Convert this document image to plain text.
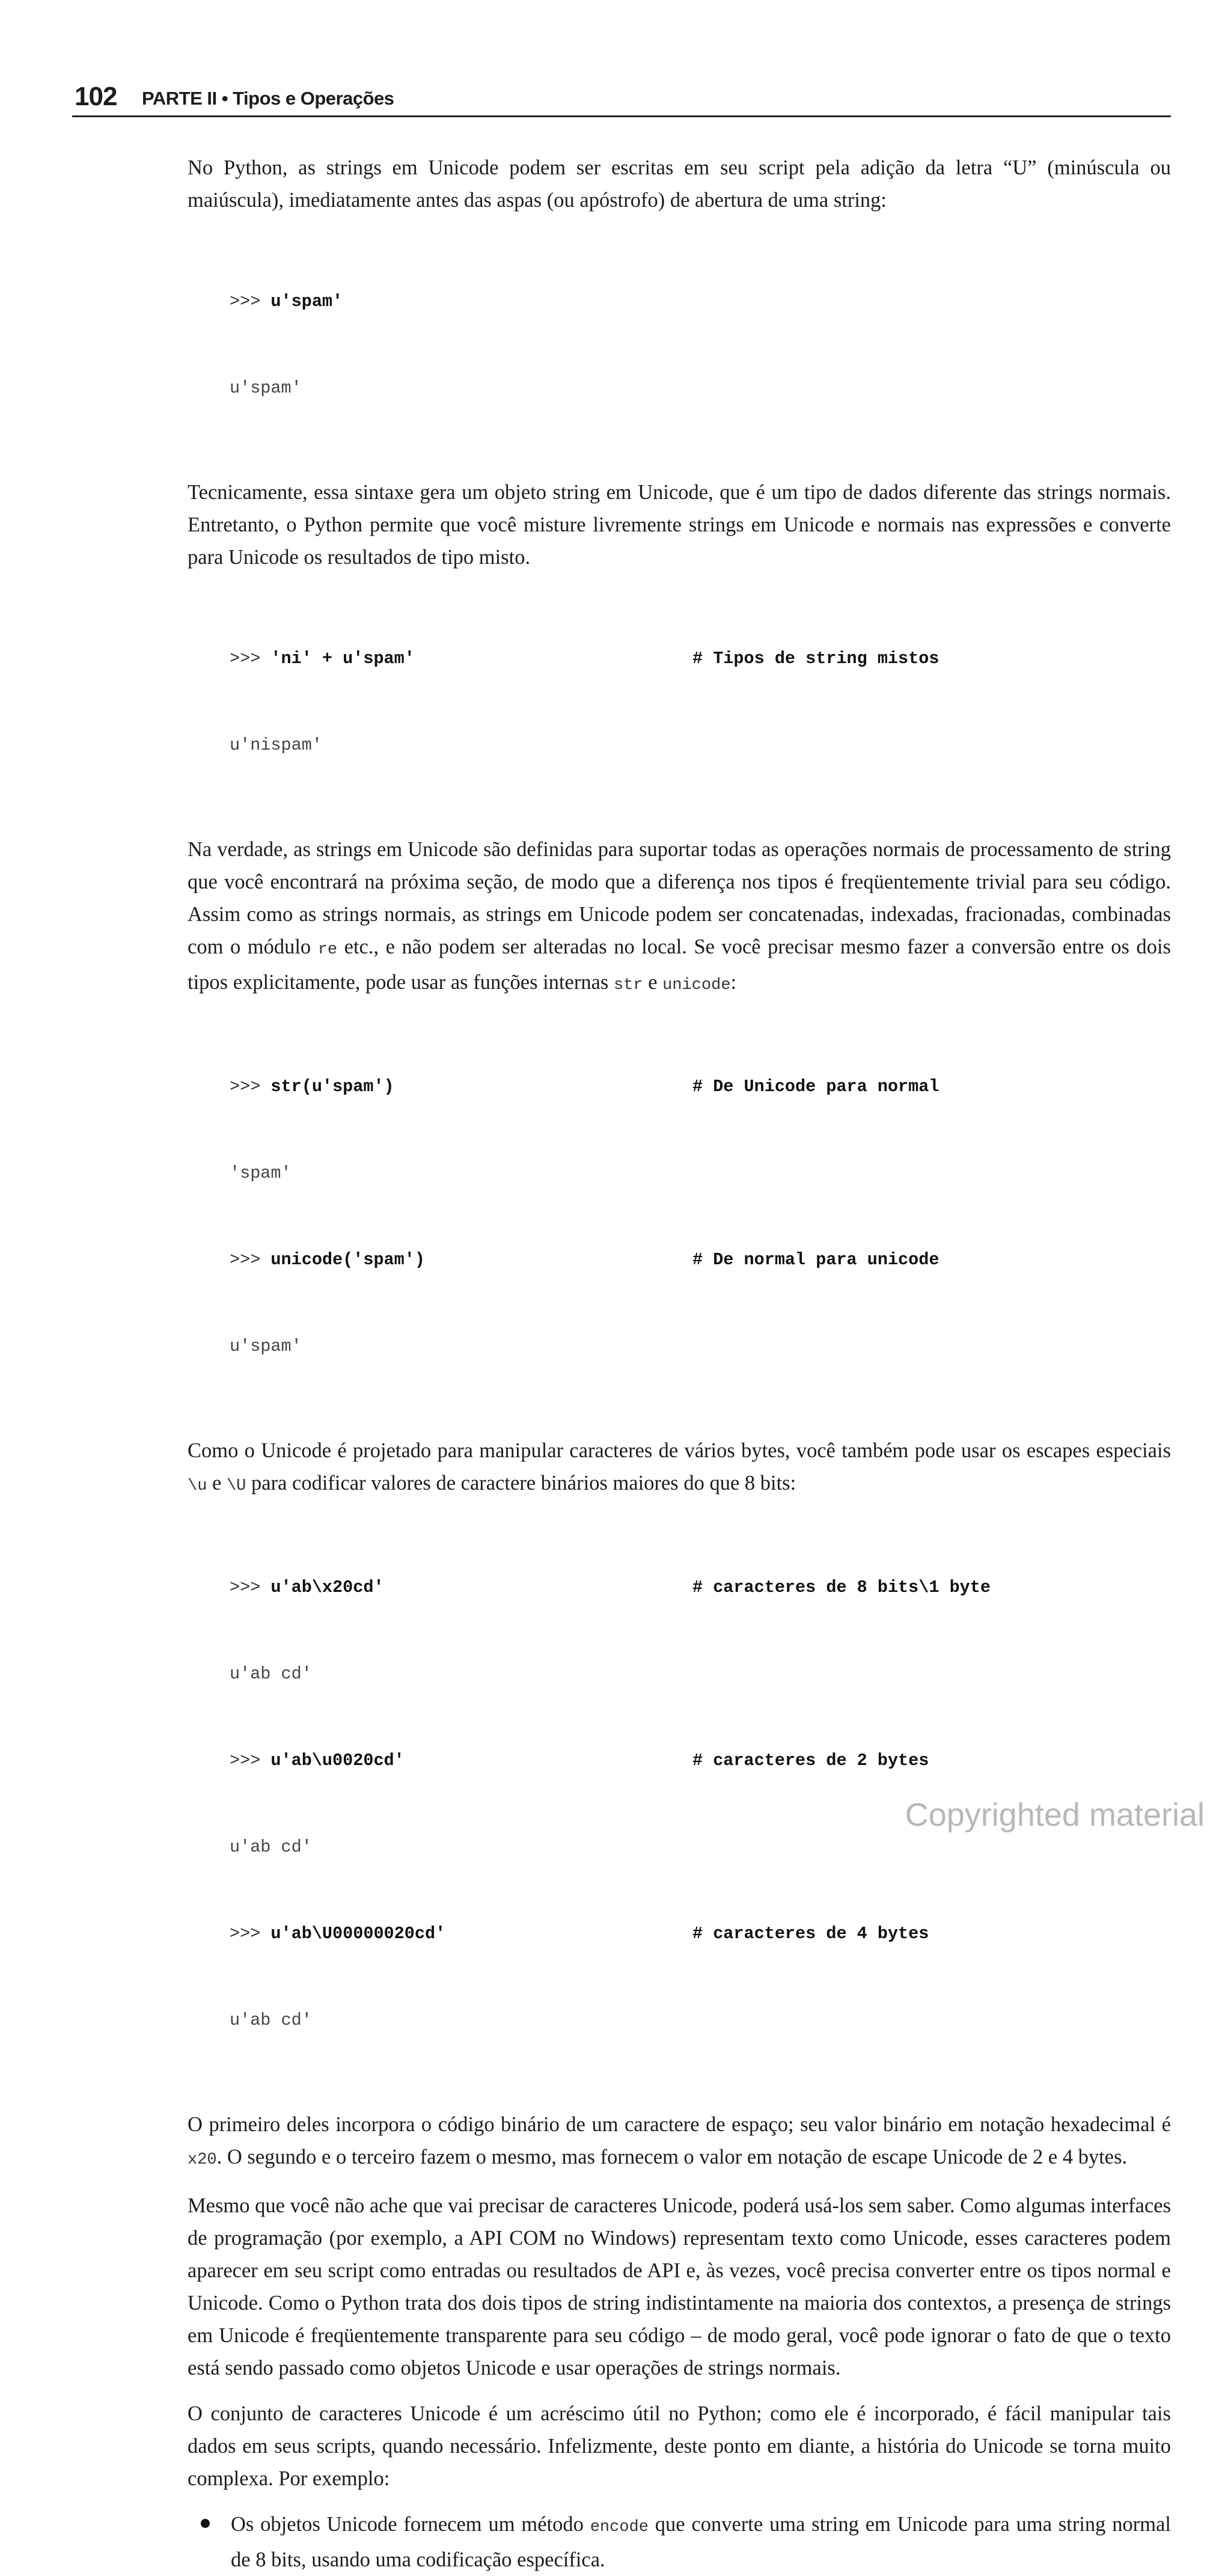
102 PARTE II • Tipos e Operações

No Python, as strings em Unicode podem ser escritas em seu script pela adição da letra “U” (minúscula ou maiúscula), imediatamente antes das aspas (ou apóstrofo) de abertura de uma string:

>>> u'spam'

u'spam'

Tecnicamente, essa sintaxe gera um objeto string em Unicode, que é um tipo de dados diferente das strings normais. Entretanto, o Python permite que você misture livremente strings em Unicode e normais nas expressões e converte para Unicode os resultados de tipo misto.

>>> 'ni' + u'spam'	# Tipos de string mistos

u'nispam'

Na verdade, as strings em Unicode são definidas para suportar todas as operações normais de processamento de string que você encontrará na próxima seção, de modo que a diferença nos tipos é freqüentemente trivial para seu código. Assim como as strings normais, as strings em Unicode podem ser concatenadas, indexadas, fracionadas, combinadas com o módulo re etc., e não podem ser alteradas no local. Se você precisar mesmo fazer a conversão entre os dois tipos explicitamente, pode usar as funções internas str e unicode:

>>> str(u'spam')	# De Unicode para normal

'spam'

>>> unicode('spam')	# De normal para unicode

u'spam'

Como o Unicode é projetado para manipular caracteres de vários bytes, você também pode usar os escapes especiais \u e \U para codificar valores de caractere binários maiores do que 8 bits:

>>> u'ab\x20cd'	# caracteres de 8 bits\1 byte

u'ab cd'

>>> u'ab\u0020cd'	# caracteres de 2 bytes

u'ab cd'

>>> u'ab\U00000020cd'	# caracteres de 4 bytes

u'ab cd'

O primeiro deles incorpora o código binário de um caractere de espaço; seu valor binário em notação hexadecimal é x20. O segundo e o terceiro fazem o mesmo, mas fornecem o valor em notação de escape Unicode de 2 e 4 bytes.

Mesmo que você não ache que vai precisar de caracteres Unicode, poderá usá-los sem saber. Como algumas interfaces de programação (por exemplo, a API COM no Windows) representam texto como Unicode, esses caracteres podem aparecer em seu script como entradas ou resultados de API e, às vezes, você precisa converter entre os tipos normal e Unicode. Como o Python trata dos dois tipos de string indistintamente na maioria dos contextos, a presença de strings em Unicode é freqüentemente transparente para seu código – de modo geral, você pode ignorar o fato de que o texto está sendo passado como objetos Unicode e usar operações de strings normais.

O conjunto de caracteres Unicode é um acréscimo útil no Python; como ele é incorporado, é fácil manipular tais dados em seus scripts, quando necessário. Infelizmente, deste ponto em diante, a história do Unicode se torna muito complexa. Por exemplo:

Os objetos Unicode fornecem um método encode que converte uma string em Unicode para uma string normal de 8 bits, usando uma codificação específica.
Copyrighted material
